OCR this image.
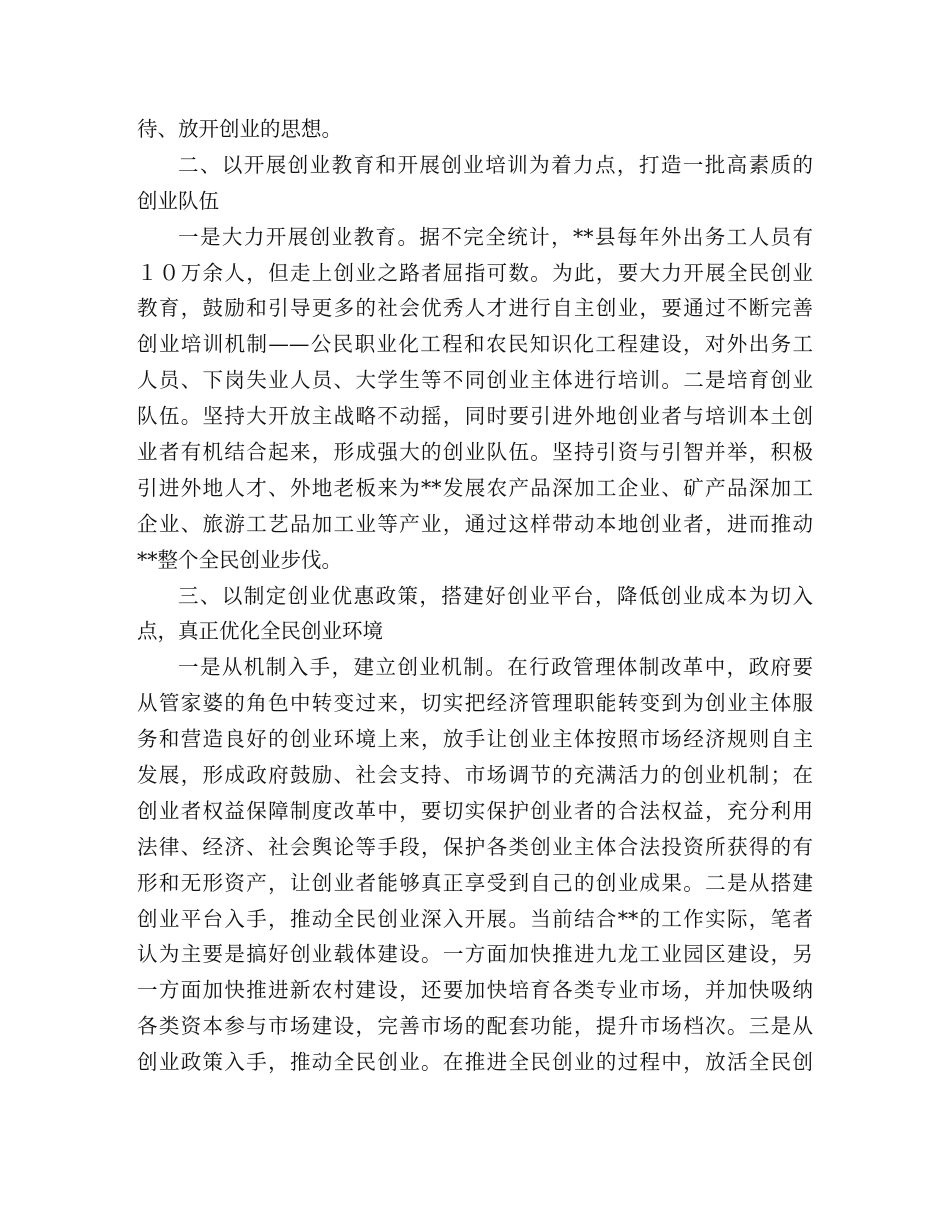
待、放开创业的思想。
二、以开展创业教育和开展创业培训为着力点，打造一批高素质的
创业队伍
一是大力开展创业教育。据不完全统计，**县每年外出务工人员有
１０万余人，但走上创业之路者屈指可数。为此，要大力开展全民创业
教育，鼓励和引导更多的社会优秀人才进行自主创业，要通过不断完善
创业培训机制——公民职业化工程和农民知识化工程建设，对外出务工
人员、下岗失业人员、大学生等不同创业主体进行培训。二是培育创业
队伍。坚持大开放主战略不动摇，同时要引进外地创业者与培训本土创
业者有机结合起来，形成强大的创业队伍。坚持引资与引智并举，积极
引进外地人才、外地老板来为**发展农产品深加工企业、矿产品深加工
企业、旅游工艺品加工业等产业，通过这样带动本地创业者，进而推动
**整个全民创业步伐。
三、以制定创业优惠政策，搭建好创业平台，降低创业成本为切入
点，真正优化全民创业环境
一是从机制入手，建立创业机制。在行政管理体制改革中，政府要
从管家婆的角色中转变过来，切实把经济管理职能转变到为创业主体服
务和营造良好的创业环境上来，放手让创业主体按照市场经济规则自主
发展，形成政府鼓励、社会支持、市场调节的充满活力的创业机制；在
创业者权益保障制度改革中，要切实保护创业者的合法权益，充分利用
法律、经济、社会舆论等手段，保护各类创业主体合法投资所获得的有
形和无形资产，让创业者能够真正享受到自己的创业成果。二是从搭建
创业平台入手，推动全民创业深入开展。当前结合**的工作实际，笔者
认为主要是搞好创业载体建设。一方面加快推进九龙工业园区建设，另
一方面加快推进新农村建设，还要加快培育各类专业市场，并加快吸纳
各类资本参与市场建设，完善市场的配套功能，提升市场档次。三是从
创业政策入手，推动全民创业。在推进全民创业的过程中，放活全民创
